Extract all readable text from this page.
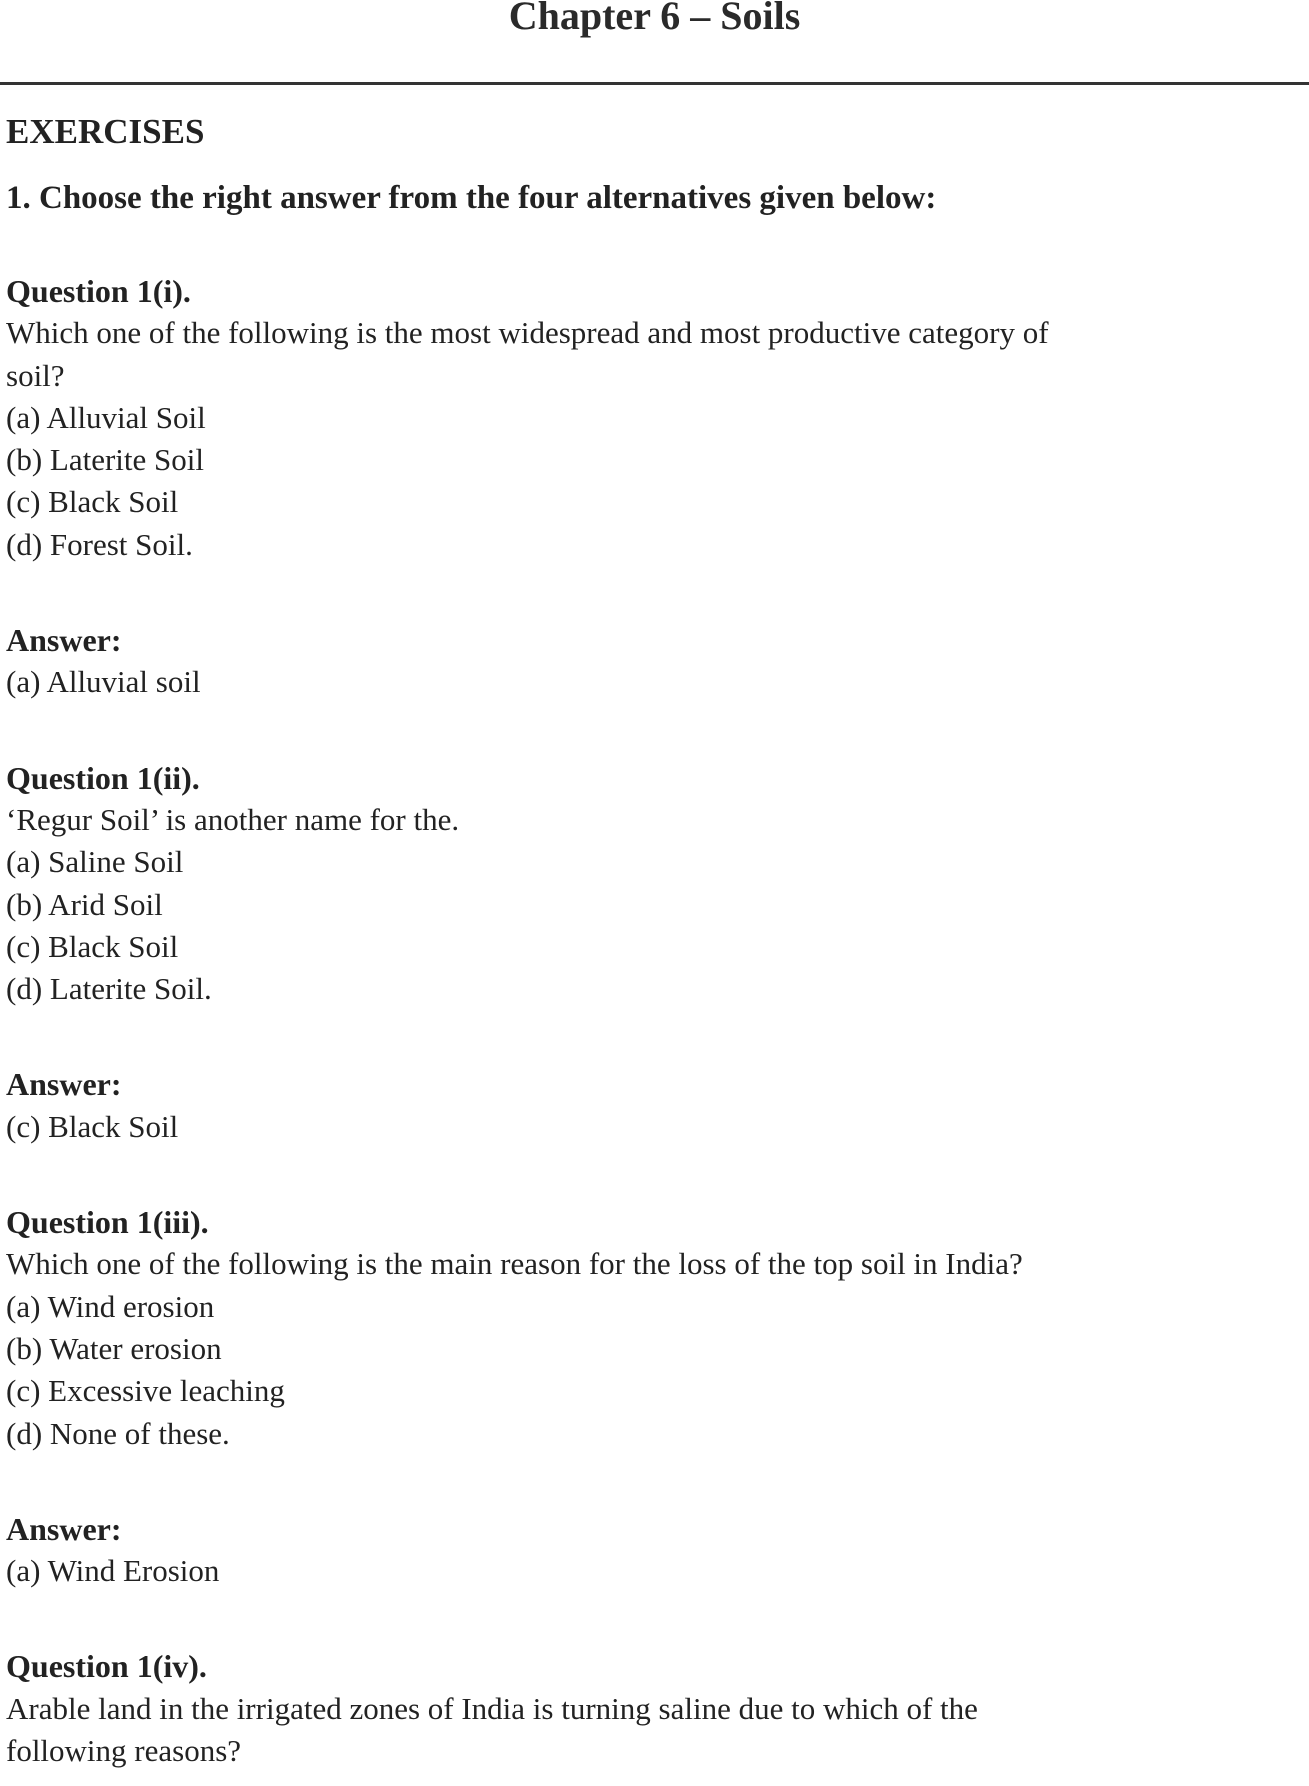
Chapter 6 – Soils
EXERCISES
1. Choose the right answer from the four alternatives given below:
Question 1(i).
Which one of the following is the most widespread and most productive category of
soil?
(a) Alluvial Soil
(b) Laterite Soil
(c) Black Soil
(d) Forest Soil.
Answer:
(a) Alluvial soil
Question 1(ii).
‘Regur Soil’ is another name for the.
(a) Saline Soil
(b) Arid Soil
(c) Black Soil
(d) Laterite Soil.
Answer:
(c) Black Soil
Question 1(iii).
Which one of the following is the main reason for the loss of the top soil in India?
(a) Wind erosion
(b) Water erosion
(c) Excessive leaching
(d) None of these.
Answer:
(a) Wind Erosion
Question 1(iv).
Arable land in the irrigated zones of India is turning saline due to which of the
following reasons?
